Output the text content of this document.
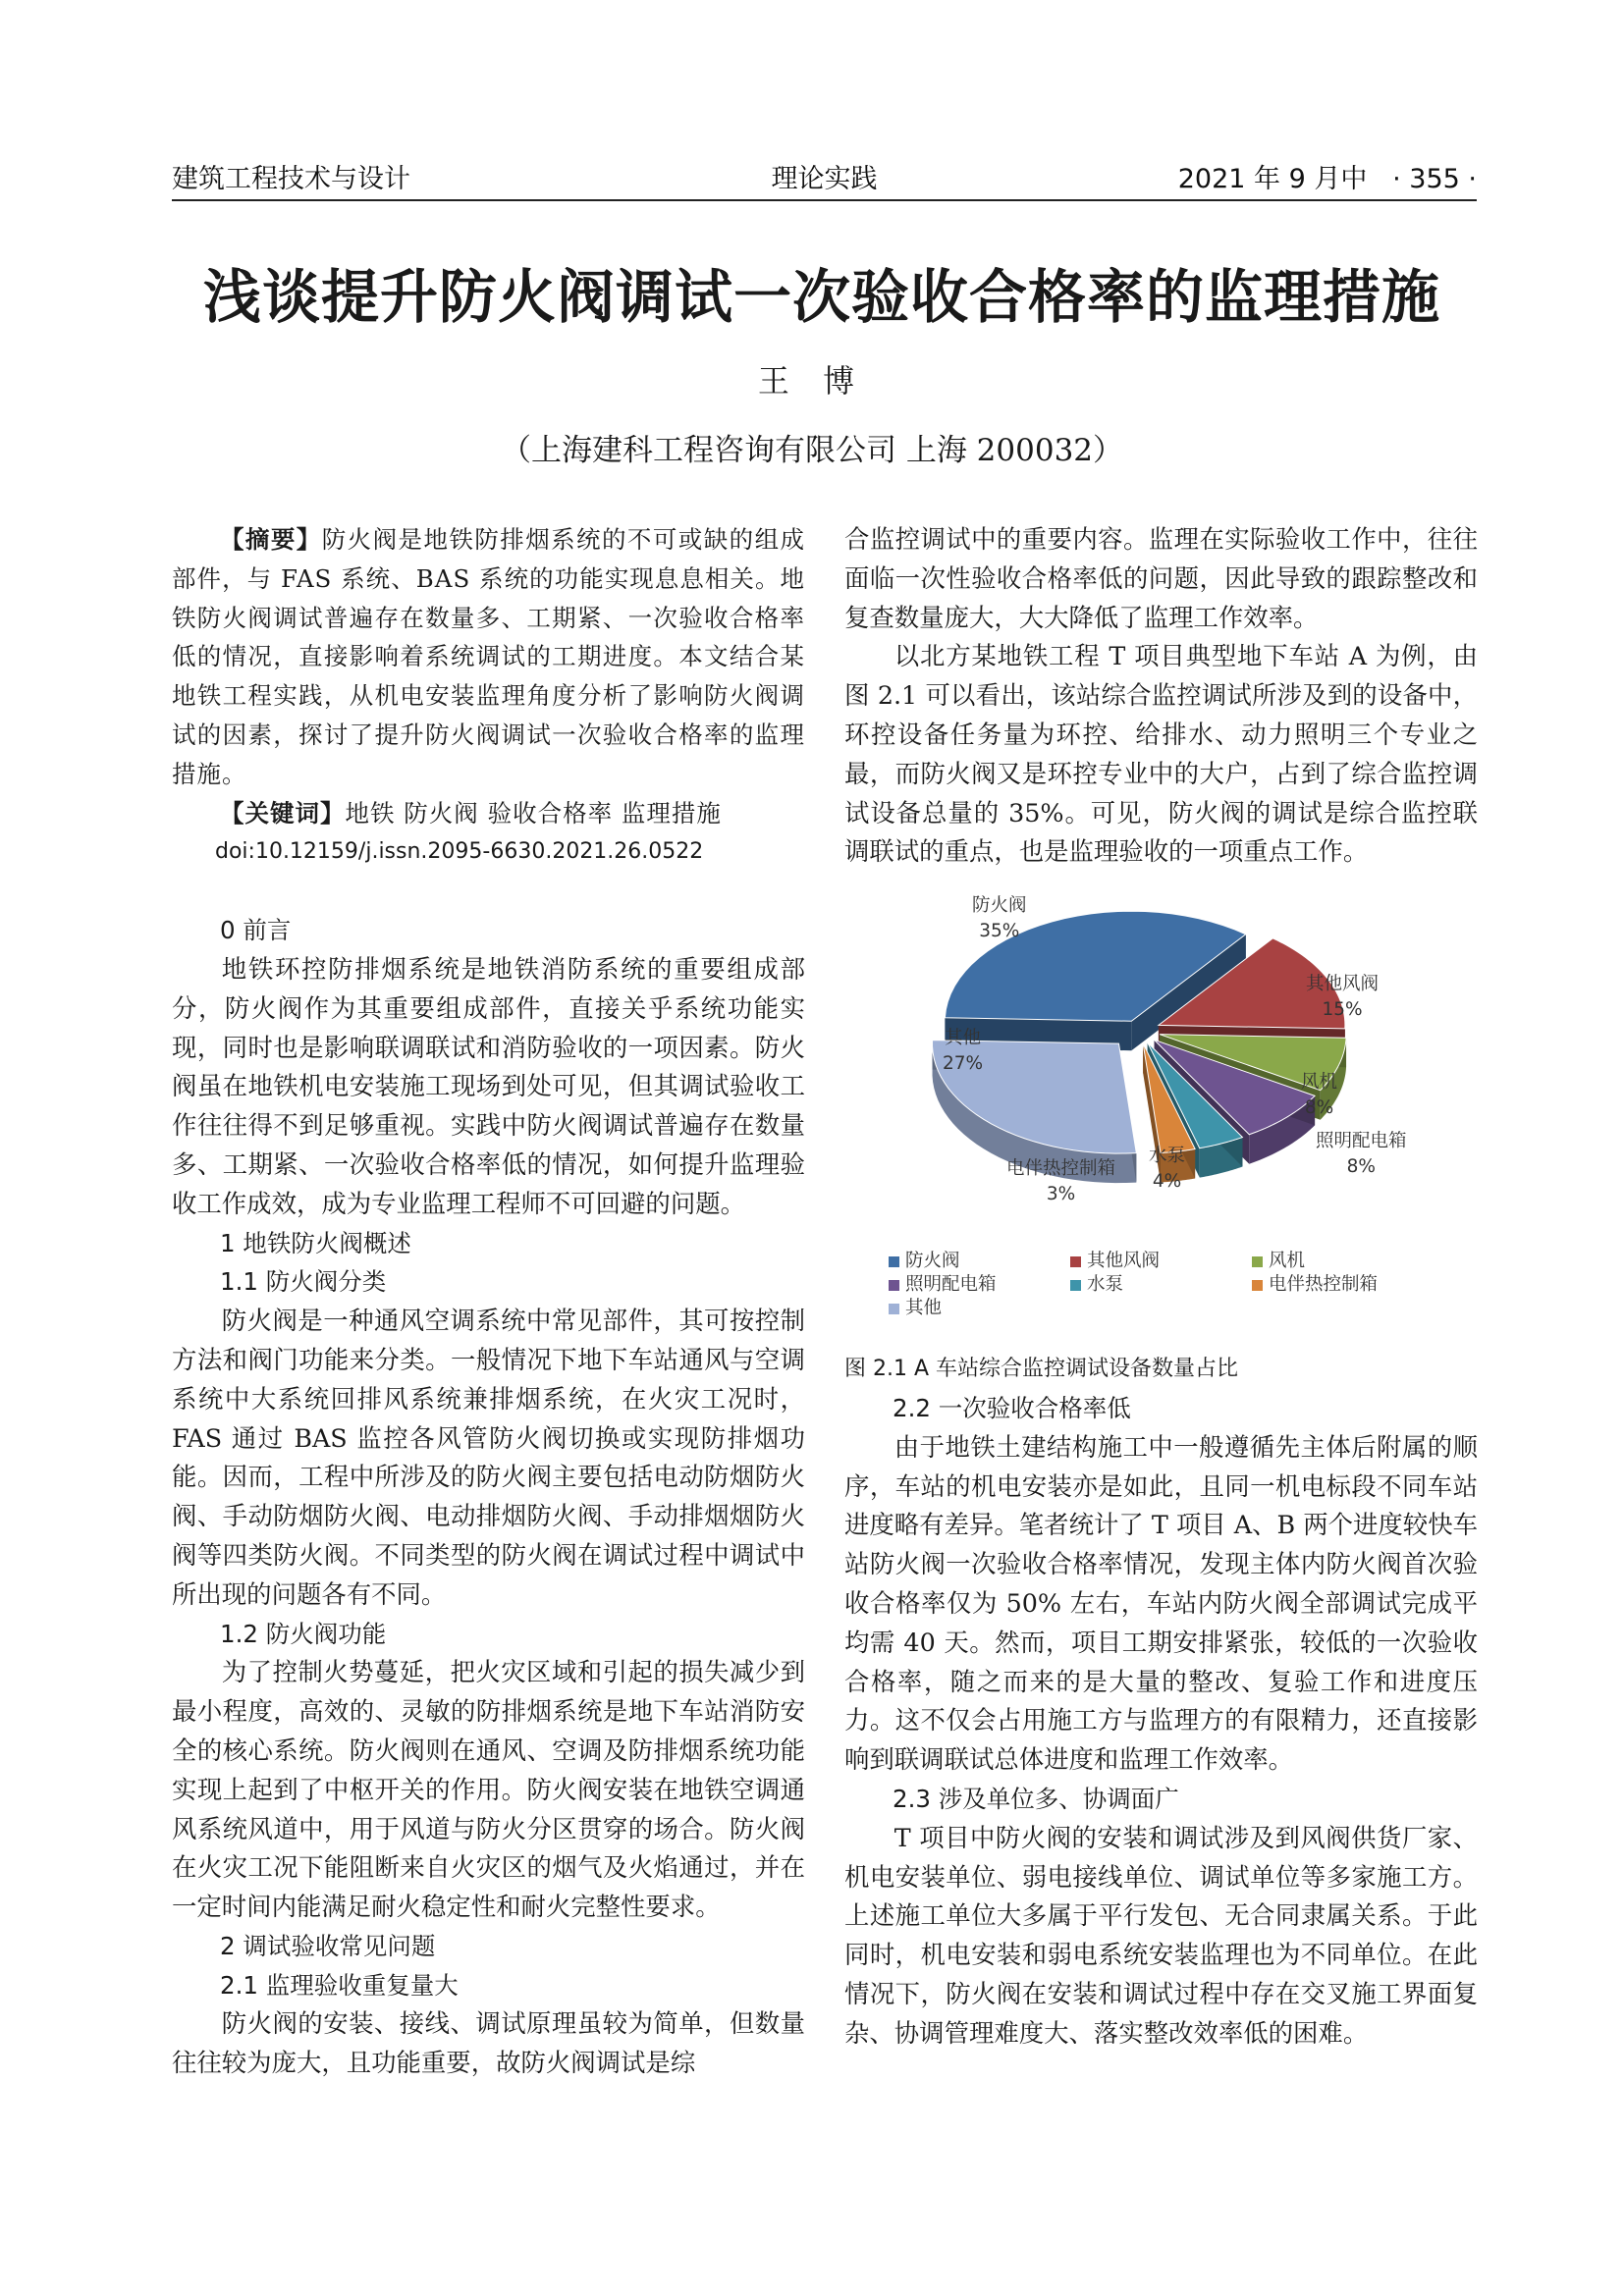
建筑工程技术与设计	理论实践	2021 年 9 月中 · 355 ·
浅谈提升防火阀调试一次验收合格率的监理措施
王 博
（上海建科工程咨询有限公司 上海 200032）

【摘要】防火阀是地铁防排烟系统的不可或缺的组成部件，与 FAS 系统、BAS 系统的功能实现息息相关。地铁防火阀调试普遍存在数量多、工期紧、一次验收合格率低的情况，直接影响着系统调试的工期进度。本文结合某地铁工程实践，从机电安装监理角度分析了影响防火阀调试的因素，探讨了提升防火阀调试一次验收合格率的监理措施。

【关键词】地铁 防火阀 验收合格率 监理措施

doi:10.12159/j.issn.2095-6630.2021.26.0522

0 前言

地铁环控防排烟系统是地铁消防系统的重要组成部分，防火阀作为其重要组成部件，直接关乎系统功能实现，同时也是影响联调联试和消防验收的一项因素。防火阀虽在地铁机电安装施工现场到处可见，但其调试验收工作往往得不到足够重视。实践中防火阀调试普遍存在数量多、工期紧、一次验收合格率低的情况，如何提升监理验收工作成效，成为专业监理工程师不可回避的问题。

1 地铁防火阀概述

1.1 防火阀分类

防火阀是一种通风空调系统中常见部件，其可按控制方法和阀门功能来分类。一般情况下地下车站通风与空调系统中大系统回排风系统兼排烟系统，在火灾工况时，FAS 通过 BAS 监控各风管防火阀切换或实现防排烟功能。因而，工程中所涉及的防火阀主要包括电动防烟防火阀、手动防烟防火阀、电动排烟防火阀、手动排烟烟防火阀等四类防火阀。不同类型的防火阀在调试过程中调试中所出现的问题各有不同。

1.2 防火阀功能

为了控制火势蔓延，把火灾区域和引起的损失减少到最小程度，高效的、灵敏的防排烟系统是地下车站消防安全的核心系统。防火阀则在通风、空调及防排烟系统功能实现上起到了中枢开关的作用。防火阀安装在地铁空调通风系统风道中，用于风道与防火分区贯穿的场合。防火阀在火灾工况下能阻断来自火灾区的烟气及火焰通过，并在一定时间内能满足耐火稳定性和耐火完整性要求。

2 调试验收常见问题

2.1 监理验收重复量大

防火阀的安装、接线、调试原理虽较为简单，但数量往往较为庞大，且功能重要，故防火阀调试是综

合监控调试中的重要内容。监理在实际验收工作中，往往面临一次性验收合格率低的问题，因此导致的跟踪整改和复查数量庞大，大大降低了监理工作效率。

以北方某地铁工程 T 项目典型地下车站 A 为例，由图 2.1 可以看出，该站综合监控调试所涉及到的设备中，环控设备任务量为环控、给排水、动力照明三个专业之最，而防火阀又是环控专业中的大户，占到了综合监控调试设备总量的 35%。可见，防火阀的调试是综合监控联调联试的重点，也是监理验收的一项重点工作。

防火阀
35%
其他风阀
15%
风机
8%
照明配电箱
8%
水泵
4%
电伴热控制箱
3%
其他
27%
防火阀	其他风阀	风机
照明配电箱	水泵	电伴热控制箱
其他

图 2.1 A 车站综合监控调试设备数量占比

2.2 一次验收合格率低

由于地铁土建结构施工中一般遵循先主体后附属的顺序，车站的机电安装亦是如此，且同一机电标段不同车站进度略有差异。笔者统计了 T 项目 A、B 两个进度较快车站防火阀一次验收合格率情况，发现主体内防火阀首次验收合格率仅为 50% 左右，车站内防火阀全部调试完成平均需 40 天。然而，项目工期安排紧张，较低的一次验收合格率，随之而来的是大量的整改、复验工作和进度压力。这不仅会占用施工方与监理方的有限精力，还直接影响到联调联试总体进度和监理工作效率。

2.3 涉及单位多、协调面广

T 项目中防火阀的安装和调试涉及到风阀供货厂家、机电安装单位、弱电接线单位、调试单位等多家施工方。上述施工单位大多属于平行发包、无合同隶属关系。于此同时，机电安装和弱电系统安装监理也为不同单位。在此情况下，防火阀在安装和调试过程中存在交叉施工界面复杂、协调管理难度大、落实整改效率低的困难。
